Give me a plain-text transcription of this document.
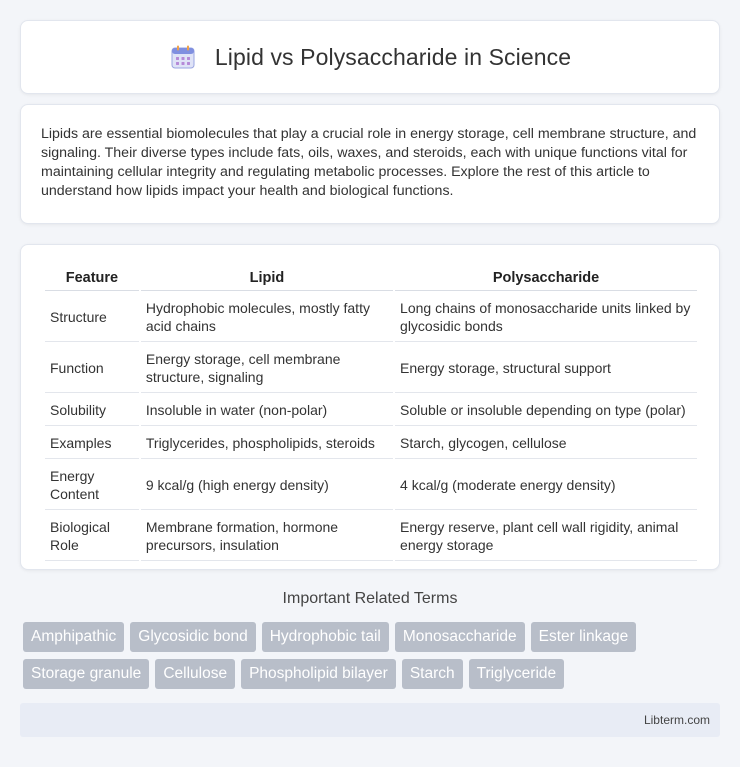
Lipid vs Polysaccharide in Science

Lipids are essential biomolecules that play a crucial role in energy storage, cell membrane structure, and signaling. Their diverse types include fats, oils, waxes, and steroids, each with unique functions vital for maintaining cellular integrity and regulating metabolic processes. Explore the rest of this article to understand how lipids impact your health and biological functions.

Feature	Lipid	Polysaccharide
Structure	Hydrophobic molecules, mostly fatty acid chains	Long chains of monosaccharide units linked by glycosidic bonds
Function	Energy storage, cell membrane structure, signaling	Energy storage, structural support
Solubility	Insoluble in water (non-polar)	Soluble or insoluble depending on type (polar)
Examples	Triglycerides, phospholipids, steroids	Starch, glycogen, cellulose
Energy Content	9 kcal/g (high energy density)	4 kcal/g (moderate energy density)
Biological Role	Membrane formation, hormone precursors, insulation	Energy reserve, plant cell wall rigidity, animal energy storage
Important Related Terms
Amphipathic	Glycosidic bond	Hydrophobic tail	Monosaccharide	Ester linkage
Storage granule	Cellulose	Phospholipid bilayer	Starch	Triglyceride
Libterm.com
